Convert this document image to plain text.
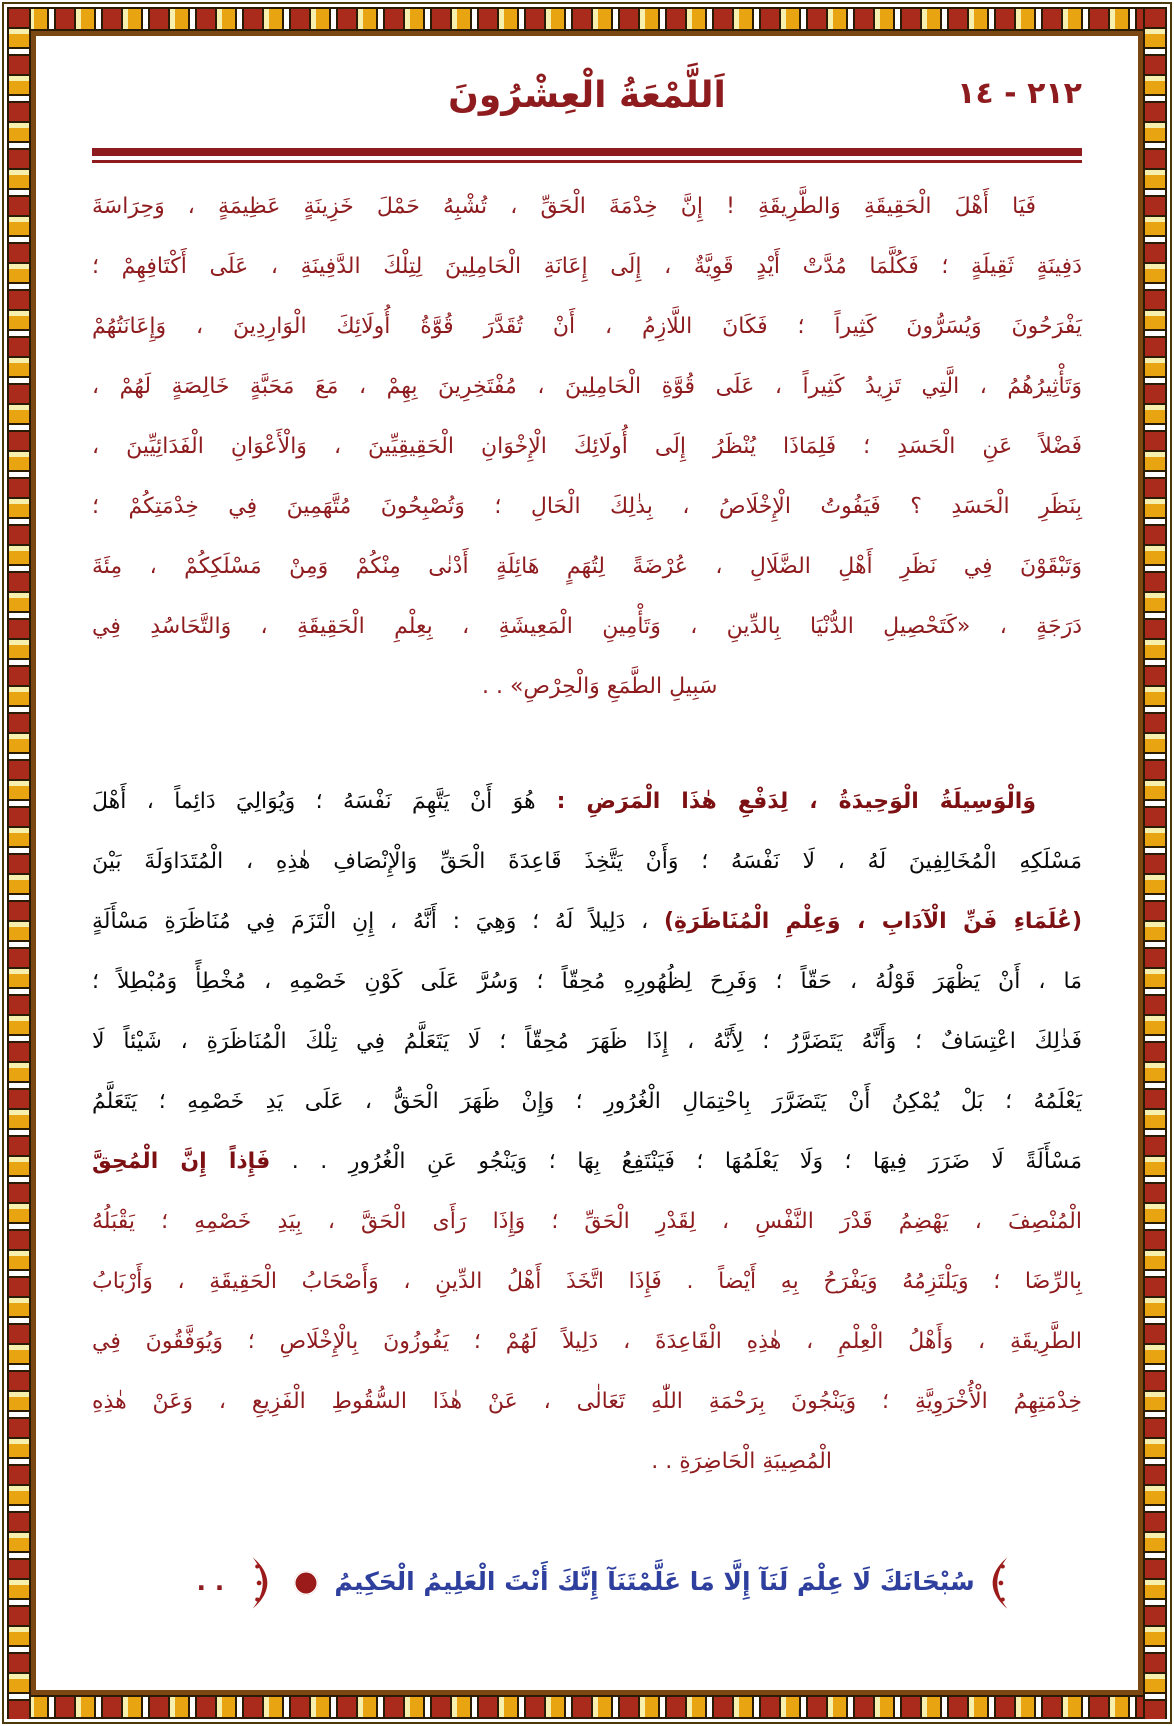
اَللَّمْعَةُ الْعِشْرُونَ	٢١٢ - ١٤
فَيَا أَهْلَ الْحَقِيقَةِ وَالطَّرِيقَةِ ! إِنَّ خِدْمَةَ الْحَقِّ ، تُشْبِهُ حَمْلَ خَزِينَةٍ عَظِيمَةٍ ، وَحِرَاسَةَ
دَفِينَةٍ ثَقِيلَةٍ ؛ فَكُلَّمَا مُدَّتْ أَيْدٍ قَوِيَّةٌ ، إِلَى إِعَانَةِ الْحَامِلِينَ لِتِلْكَ الدَّفِينَةِ ، عَلَى أَكْتَافِهِمْ ؛
يَفْرَحُونَ وَيُسَرُّونَ كَثِيراً ؛ فَكَانَ اللَّازِمُ ، أَنْ تُقَدَّرَ قُوَّةُ أُولَائِكَ الْوَارِدِينَ ، وَإِعَانَتُهُمْ
وَتَأْثِيرُهُمُ ، الَّتِي تَزِيدُ كَثِيراً ، عَلَى قُوَّةِ الْحَامِلِينَ ، مُفْتَخِرِينَ بِهِمْ ، مَعَ مَحَبَّةٍ خَالِصَةٍ لَهُمْ ،
فَضْلاً عَنِ الْحَسَدِ ؛ فَلِمَاذَا يُنْظَرُ إِلَى أُولَائِكَ الْإِخْوَانِ الْحَقِيقِيِّينَ ، وَالْأَعْوَانِ الْفَدَائِيِّينَ ،
بِنَظَرِ الْحَسَدِ ؟ فَيَفُوتُ الْإِخْلَاصُ ، بِذٰلِكَ الْحَالِ ؛ وَتُصْبِحُونَ مُتَّهَمِينَ فِي خِدْمَتِكُمْ ؛
وَتَبْقَوْنَ فِي نَظَرِ أَهْلِ الضَّلَالِ ، عُرْضَةً لِتُهَمٍ هَائِلَةٍ أَدْنٰى مِنْكُمْ وَمِنْ مَسْلَكِكُمْ ، مِئَةَ
دَرَجَةٍ ، «كَتَحْصِيلِ الدُّنْيَا بِالدِّينِ ، وَتَأْمِينِ الْمَعِيشَةِ ، بِعِلْمِ الْحَقِيقَةِ ، وَالتَّحَاسُدِ فِي
سَبِيلِ الطَّمَعِ وَالْحِرْصِ» . .
وَالْوَسِيلَةُ الْوَحِيدَةُ ، لِدَفْعِ هٰذَا الْمَرَضِ : هُوَ أَنْ يَتَّهِمَ نَفْسَهُ ؛ وَيُوَالِيَ دَائِماً ، أَهْلَ
مَسْلَكِهِ الْمُخَالِفِينَ لَهُ ، لَا نَفْسَهُ ؛ وَأَنْ يَتَّخِذَ قَاعِدَةَ الْحَقِّ وَالْإِنْصَافِ هٰذِهِ ، الْمُتَدَاوَلَةَ بَيْنَ
(عُلَمَاءِ فَنِّ الْآدَابِ ، وَعِلْمِ الْمُنَاظَرَةِ) ، دَلِيلاً لَهُ ؛ وَهِيَ : أَنَّهُ ، إِنِ الْتَزَمَ فِي مُنَاظَرَةِ مَسْأَلَةٍ
مَا ، أَنْ يَظْهَرَ قَوْلُهُ ، حَقّاً ؛ وَفَرِحَ لِظُهُورِهِ مُحِقّاً ؛ وَسُرَّ عَلَى كَوْنِ خَصْمِهِ ، مُخْطِأً وَمُبْطِلاً ؛
فَذٰلِكَ اعْتِسَافٌ ؛ وَأَنَّهُ يَتَضَرَّرُ ؛ لِأَنَّهُ ، إِذَا ظَهَرَ مُحِقّاً ؛ لَا يَتَعَلَّمُ فِي تِلْكَ الْمُنَاظَرَةِ ، شَيْئاً لَا
يَعْلَمُهُ ؛ بَلْ يُمْكِنُ أَنْ يَتَضَرَّرَ بِاحْتِمَالِ الْغُرُورِ ؛ وَإِنْ ظَهَرَ الْحَقُّ ، عَلَى يَدِ خَصْمِهِ ؛ يَتَعَلَّمُ
مَسْأَلَةً لَا ضَرَرَ فِيهَا ؛ وَلَا يَعْلَمُهَا ؛ فَيَنْتَفِعُ بِهَا ؛ وَيَنْجُو عَنِ الْغُرُورِ . . فَإِذاً إِنَّ الْمُحِقَّ
الْمُنْصِفَ ، يَهْضِمُ قَدْرَ النَّفْسِ ، لِقَدْرِ الْحَقِّ ؛ وَإِذَا رَأَى الْحَقَّ ، بِيَدِ خَصْمِهِ ؛ يَقْبَلُهُ
بِالرِّضَا ؛ وَيَلْتَزِمُهُ وَيَفْرَحُ بِهِ أَيْضاً . فَإِذَا اتَّخَذَ أَهْلُ الدِّينِ ، وَأَصْحَابُ الْحَقِيقَةِ ، وَأَرْبَابُ
الطَّرِيقَةِ ، وَأَهْلُ الْعِلْمِ ، هٰذِهِ الْقَاعِدَةَ ، دَلِيلاً لَهُمْ ؛ يَفُوزُونَ بِالْإِخْلَاصِ ؛ وَيُوَفَّقُونَ فِي
خِدْمَتِهِمُ الْأُخْرَوِيَّةِ ؛ وَيَنْجُونَ بِرَحْمَةِ اللّٰهِ تَعَالٰى ، عَنْ هٰذَا السُّقُوطِ الْفَزِيعِ ، وَعَنْ هٰذِهِ
الْمُصِيبَةِ الْحَاضِرَةِ . .
سُبْحَانَكَ لَا عِلْمَ لَنَآ إِلَّا مَا عَلَّمْتَنَآ إِنَّكَ أَنْتَ الْعَلِيمُ الْحَكِيمُ   . .
